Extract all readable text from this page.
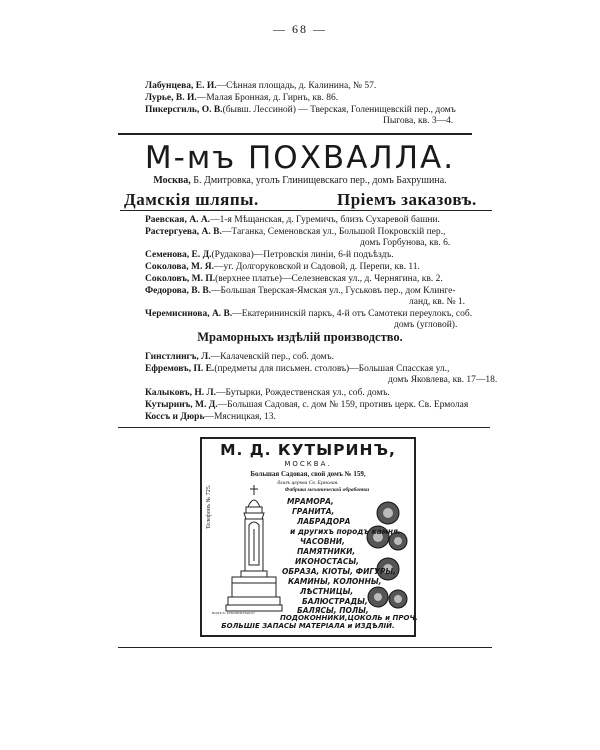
— 68 —
Лабунцева, Е. И.—Сѣнная площадь, д. Калинина, № 57.
Лурье, В. И.—Малая Бронная, д. Гирнъ, кв. 86.
Пикерсгиль, О. В.(бывш. Лессиной) — Тверская, Голенищевскій пер., домъ
Пыгова, кв. 3—4.
М-мъ ПОХВАЛЛА.
Москва, Б. Дмитровка, уголъ Глинищевскаго пер., домъ Бахрушина.
Дамскія шляпы.	Пріемъ заказовъ.
Раевская, А. А.—1-я Мѣщанская, д. Гуремичъ, близъ Сухаревой башни.
Растергуева, А. В.—Таганка, Семеновская ул., Большой Покровскій пер.,
домъ Горбунова, кв. 6.
Семенова, Е. Д.(Рудакова)—Петровскія линіи, 6-й подъѣздъ.
Соколова, М. Я.—уг. Долгоруковской и Садовой, д. Перепи, кв. 11.
Соколовъ, М. П.(верхнее платье)—Селезневская ул., д. Чернягина, кв. 2.
Федорова, В. В.—Большая Тверская-Ямская ул., Гуськовъ пер., дом Клинге-
ланд, кв. № 1.
Черемисинова, А. В.—Екатерининскій паркъ, 4-й отъ Самотеки переулокъ, соб.
домъ (угловой).
Мраморныхъ издѣлій производство.
Гинстлингъ, Л.—Калачевскій пер., соб. домъ.
Ефремовъ, П. Е.(предметы для письмен. столовъ)—Большая Спасская ул.,
домъ Яковлева, кв. 17—18.
Калыковъ, Н. Л.—Бутырки, Рождественская ул., соб. домъ.
Кутыринъ, М. Д.—Большая Садовая, с. дом № 159, противъ церк. Св. Ермолая
Коссъ и Дюрь—Мясницкая, 13.
М. Д. КУТЫРИНЪ,
МОСКВА.
Большая Садовая, свой домъ № 159,
близъ церкви Св. Ермолая.
Фабрика механической обработки
Телефонъ № 725.
ВОДЪ Х. РУКОПИСНАЯ 67
МРАМОРА,
ГРАНИТА,
ЛАБРАДОРА
и другихъ породъ камня.
ЧАСОВНИ,
ПАМЯТНИКИ,
ИКОНОСТАСЫ,
ОБРАЗА, КІОТЫ, ФИГУРЫ,
КАМИНЫ, КОЛОННЫ,
ЛѢСТНИЦЫ,
БАЛЮСТРАДЫ,
БАЛЯСЫ, ПОЛЫ,
ПОДОКОННИКИ,ЦОКОЛЬ и ПРОЧ.
БОЛЬШІЕ ЗАПАСЫ МАТЕРІАЛА и ИЗДѢЛІЙ.
